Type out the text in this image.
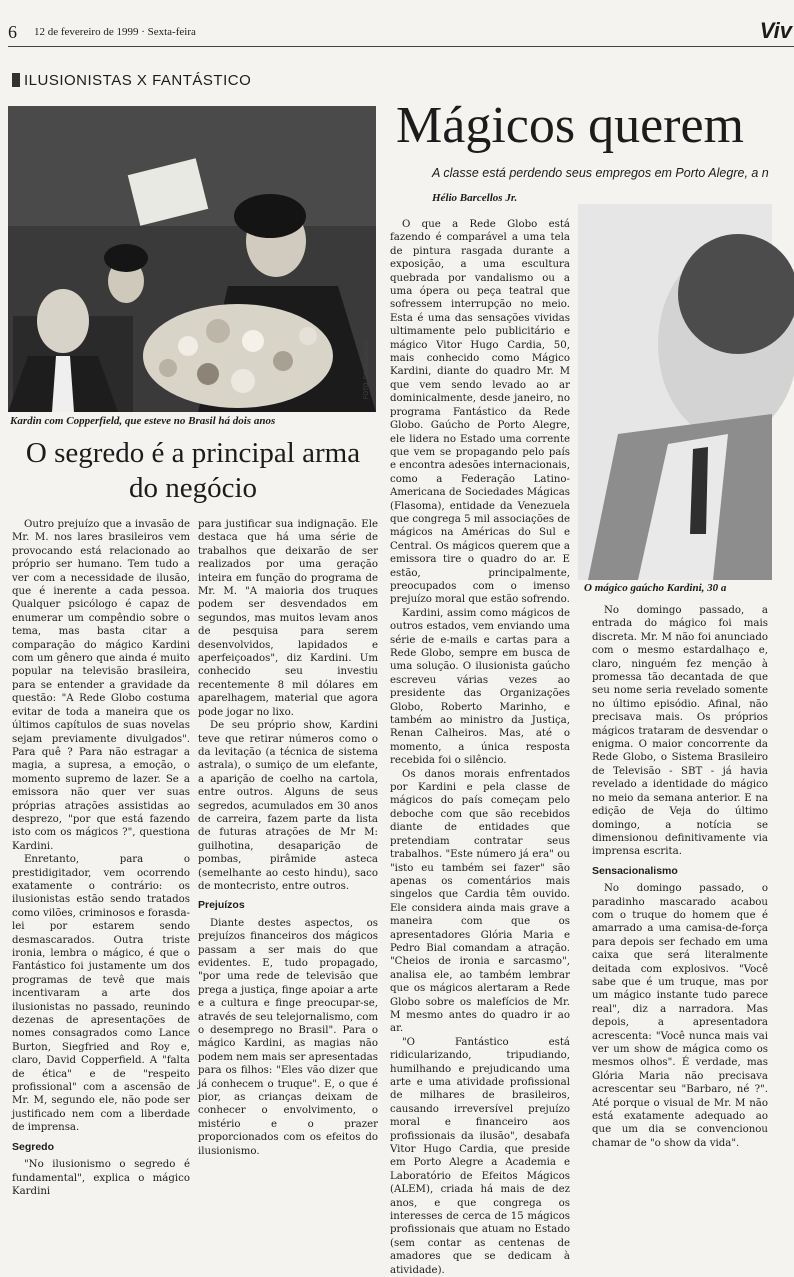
6 12 de fevereiro de 1999 · Sexta-feira	Viv
ILUSIONISTAS X FANTÁSTICO
FOTO: DIVULGAÇÃO
Kardin com Copperfield, que esteve no Brasil há dois anos
O segredo é a principal arma do negócio
Mágicos querem
A classe está perdendo seus empregos em Porto Alegre, a n
Hélio Barcellos Jr.
O mágico gaúcho Kardini, 30 a

Outro prejuízo que a invasão de Mr. M. nos lares brasileiros vem provocando está relacionado ao próprio ser humano. Tem tudo a ver com a necessidade de ilusão, que é inerente a cada pessoa. Qualquer psicólogo é capaz de enumerar um compêndio sobre o tema, mas basta citar a comparação do mágico Kardini com um gênero que ainda é muito popular na televisão brasileira, para se entender a gravidade da questão: "A Rede Globo costuma evitar de toda a maneira que os últimos capítulos de suas novelas sejam previamente divulgados". Para quê ? Para não estragar a magia, a supresa, a emoção, o momento supremo de lazer. Se a emissora não quer ver suas próprias atrações assistidas ao desprezo, "por que está fazendo isto com os mágicos ?", questiona Kardini.

Enretanto, para o prestidigitador, vem ocorrendo exatamente o contrário: os ilusionistas estão sendo tratados como vilões, criminosos e forasda-lei por estarem sendo desmascarados. Outra triste ironia, lembra o mágico, é que o Fantástico foi justamente um dos programas de tevê que mais incentivaram a arte dos ilusionistas no passado, reunindo dezenas de apresentações de nomes consagrados como Lance Burton, Siegfried and Roy e, claro, David Copperfield. A "falta de ética" e de "respeito profissional" com a ascensão de Mr. M, segundo ele, não pode ser justificado nem com a liberdade de imprensa.

Segredo

"No ilusionismo o segredo é fundamental", explica o mágico Kardini

para justificar sua indignação. Ele destaca que há uma série de trabalhos que deixarão de ser realizados por uma geração inteira em função do programa de Mr. M. "A maioria dos truques podem ser desvendados em segundos, mas muitos levam anos de pesquisa para serem desenvolvidos, lapidados e aperfeiçoados", diz Kardini. Um conhecido seu investiu recentemente 8 mil dólares em aparelhagem, material que agora pode jogar no lixo.

De seu próprio show, Kardini teve que retirar números como o da levitação (a técnica de sistema astrala), o sumiço de um elefante, a aparição de coelho na cartola, entre outros. Alguns de seus segredos, acumulados em 30 anos de carreira, fazem parte da lista de futuras atrações de Mr M: guilhotina, desaparição de pombas, pirâmide asteca (semelhante ao cesto hindu), saco de montecristo, entre outros.

Prejuízos

Diante destes aspectos, os prejuízos financeiros dos mágicos passam a ser mais do que evidentes. E, tudo propagado, "por uma rede de televisão que prega a justiça, finge apoiar a arte e a cultura e finge preocupar-se, através de seu telejornalismo, com o desemprego no Brasil". Para o mágico Kardini, as magias não podem nem mais ser apresentadas para os filhos: "Eles vão dizer que já conhecem o truque". E, o que é pior, as crianças deixam de conhecer o envolvimento, o mistério e o prazer proporcionados com os efeitos do ilusionismo.

O que a Rede Globo está fazendo é comparável a uma tela de pintura rasgada durante a exposição, a uma escultura quebrada por vandalismo ou a uma ópera ou peça teatral que sofressem interrupção no meio. Esta é uma das sensações vividas ultimamente pelo publicitário e mágico Vitor Hugo Cardia, 50, mais conhecido como Mágico Kardini, diante do quadro Mr. M que vem sendo levado ao ar dominicalmente, desde janeiro, no programa Fantástico da Rede Globo. Gaúcho de Porto Alegre, ele lidera no Estado uma corrente que vem se propagando pelo país e encontra adesões internacionais, como a Federação Latino-Americana de Sociedades Mágicas (Flasoma), entidade da Venezuela que congrega 5 mil associações de mágicos na Américas do Sul e Central. Os mágicos querem que a emissora tire o quadro do ar. E estão, principalmente, preocupados com o imenso prejuízo moral que estão sofrendo.

Kardini, assim como mágicos de outros estados, vem enviando uma série de e-mails e cartas para a Rede Globo, sempre em busca de uma solução. O ilusionista gaúcho escreveu várias vezes ao presidente das Organizações Globo, Roberto Marinho, e também ao ministro da Justiça, Renan Calheiros. Mas, até o momento, a única resposta recebida foi o silêncio.

Os danos morais enfrentados por Kardini e pela classe de mágicos do país começam pelo deboche com que são recebidos diante de entidades que pretendiam contratar seus trabalhos. "Este número já era" ou "isto eu também sei fazer" são apenas os comentários mais singelos que Cardia têm ouvido. Ele considera ainda mais grave a maneira com que os apresentadores Glória Maria e Pedro Bial comandam a atração. "Cheios de ironia e sarcasmo", analisa ele, ao também lembrar que os mágicos alertaram a Rede Globo sobre os malefícios de Mr. M mesmo antes do quadro ir ao ar.

"O Fantástico está ridicularizando, tripudiando, humilhando e prejudicando uma arte e uma atividade profissional de milhares de brasileiros, causando irreversível prejuízo moral e financeiro aos profissionais da ilusão", desabafa Vitor Hugo Cardia, que preside em Porto Alegre a Academia e Laboratório de Efeitos Mágicos (ALEM), criada há mais de dez anos, e que congrega os interesses de cerca de 15 mágicos profissionais que atuam no Estado (sem contar as centenas de amadores que se dedicam à atividade).

No domingo passado, a entrada do mágico foi mais discreta. Mr. M não foi anunciado com o mesmo estardalhaço e, claro, ninguém fez menção à promessa tão decantada de que seu nome seria revelado somente no último episódio. Afinal, não precisava mais. Os próprios mágicos trataram de desvendar o enigma. O maior concorrente da Rede Globo, o Sistema Brasileiro de Televisão - SBT - já havia revelado a identidade do mágico no meio da semana anterior. E na edição de Veja do último domingo, a notícia se dimensionou definitivamente via imprensa escrita.

Sensacionalismo

No domingo passado, o paradinho mascarado acabou com o truque do homem que é amarrado a uma camisa-de-força para depois ser fechado em uma caixa que será literalmente deitada com explosivos. "Você sabe que é um truque, mas por um mágico instante tudo parece real", diz a narradora. Mas depois, a apresentadora acrescenta: "Você nunca mais vai ver um show de mágica como os mesmos olhos". É verdade, mas Glória Maria não precisava acrescentar seu "Barbaro, né ?". Até porque o visual de Mr. M não está exatamente adequado ao que um dia se convencionou chamar de "o show da vida".
